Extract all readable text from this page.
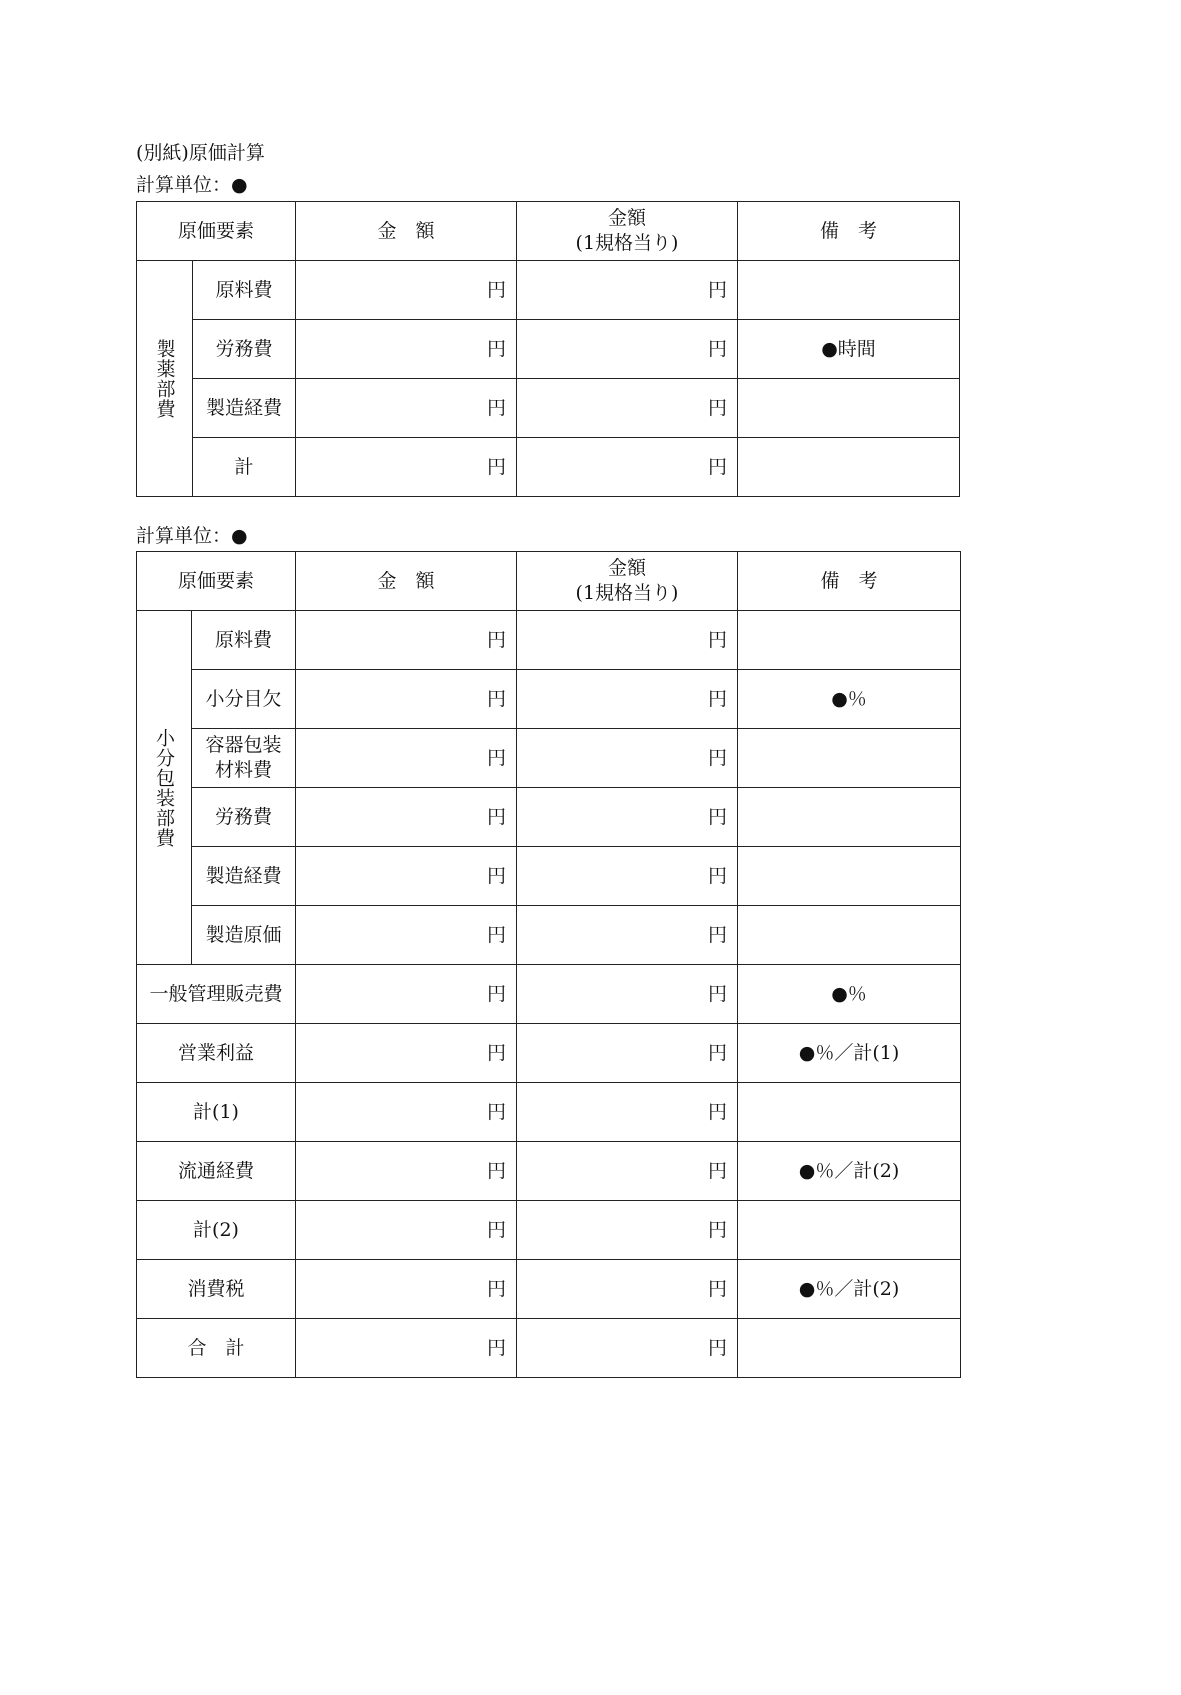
(別紙)原価計算
計算単位：●
原価要素		金　額	金額
(1規格当り)	備　考

製薬部費	原料費	円	円	
	労務費	円	円	●時間
	製造経費	円	円	
	計	円	円	
計算単位：●
原価要素		金　額	金額
(1規格当り)	備　考

小分包装部費	原料費	円	円	
	小分目欠	円	円	●％

	容器包装
材料費	円	円	
	労務費	円	円	
	製造経費	円	円	
	製造原価	円	円	
一般管理販売費		円	円	●％
営業利益		円	円	●％／計(1)
計(1)		円	円	
流通経費		円	円	●％／計(2)
計(2)		円	円	
消費税		円	円	●％／計(2)
合　計		円	円	
